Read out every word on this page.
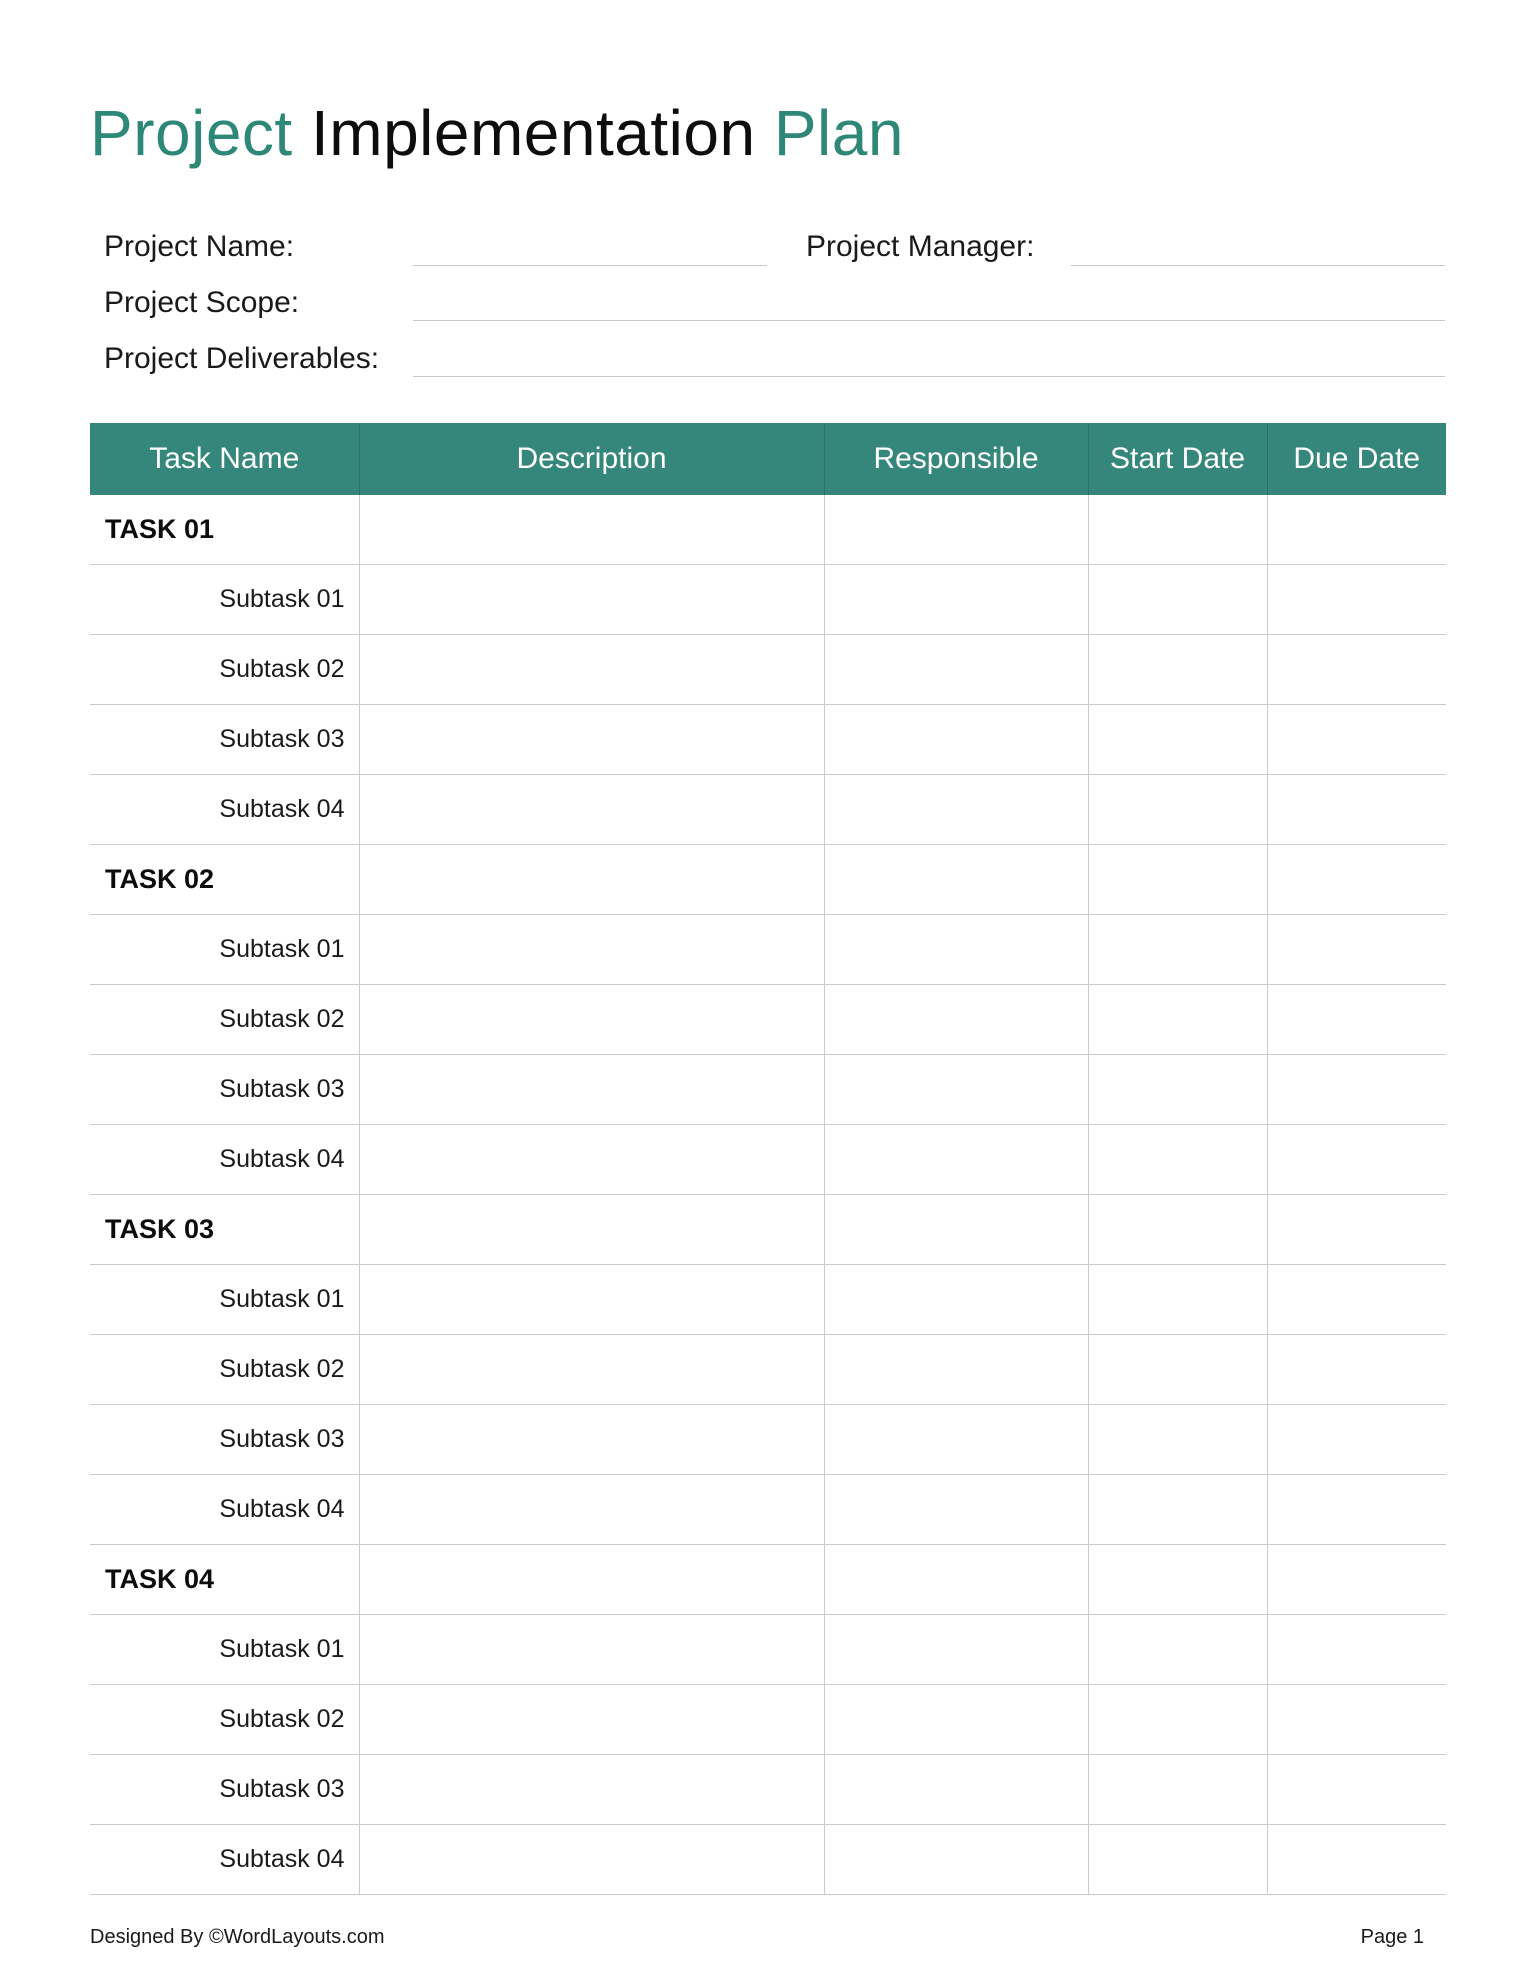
Project Implementation Plan
Project Name:	Project Manager:
Project Scope:
Project Deliverables:
Task Name	Description	Responsible	Start Date	Due Date
TASK 01				
Subtask 01				
Subtask 02				
Subtask 03				
Subtask 04				
TASK 02				
Subtask 01				
Subtask 02				
Subtask 03				
Subtask 04				
TASK 03				
Subtask 01				
Subtask 02				
Subtask 03				
Subtask 04				
TASK 04				
Subtask 01				
Subtask 02				
Subtask 03				
Subtask 04				
Designed By ©WordLayouts.com	Page 1
